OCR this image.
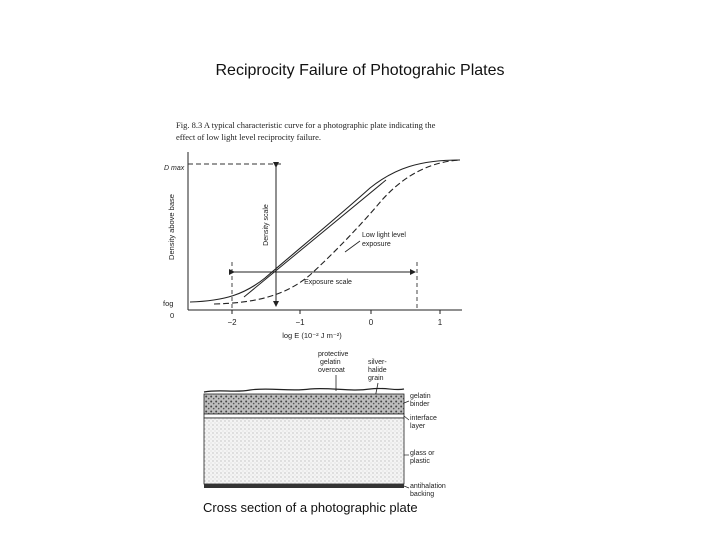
Reciprocity Failure of Photograhic Plates
Fig. 8.3 A typical characteristic curve for a photographic plate indicating the
effect of low light level reciprocity failure.
−2	−1	0	1
log E (10⁻² J m⁻²)
Density above base
D max
fog
0
Density scale
Exposure scale
Low light level
exposure
protective
gelatin
overcoat
silver-
halide
grain
gelatin
binder
interface
layer
glass or
plastic
antihalation
backing
Cross section of a photographic plate
